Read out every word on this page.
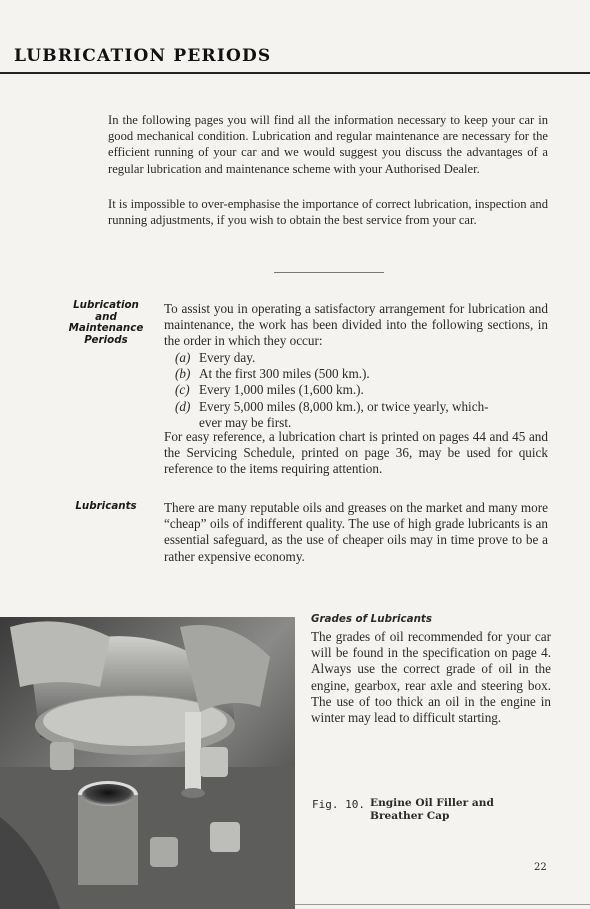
LUBRICATION PERIODS
In the following pages you will find all the information necessary to keep your car in good mechanical condition. Lubrication and regular maintenance are necessary for the efficient running of your car and we would suggest you discuss the advantages of a regular lubrication and maintenance scheme with your Authorised Dealer.
It is impossible to over-emphasise the importance of correct lubrication, inspection and running adjustments, if you wish to obtain the best service from your car.
Lubrication
and
Maintenance
Periods
To assist you in operating a satisfactory arrangement for lubrication and maintenance, the work has been divided into the following sections, in the order in which they occur:
(a) Every day.
(b) At the first 300 miles (500 km.).
(c) Every 1,000 miles (1,600 km.).
(d) Every 5,000 miles (8,000 km.), or twice yearly, which-
ever may be first.
For easy reference, a lubrication chart is printed on pages 44 and 45 and the Servicing Schedule, printed on page 36, may be used for quick reference to the items requiring attention.
Lubricants	There are many reputable oils and greases on the market and many more “cheap” oils of indifferent quality. The use of high grade lubricants is an essential safeguard, as the use of cheaper oils may in time prove to be a rather expensive economy.
Grades of Lubricants
The grades of oil recommended for your car will be found in the specification on page 4. Always use the correct grade of oil in the engine, gearbox, rear axle and steering box. The use of too thick an oil in the engine in winter may lead to difficult starting.
Fig. 10. Engine Oil Filler and
Breather Cap
22
